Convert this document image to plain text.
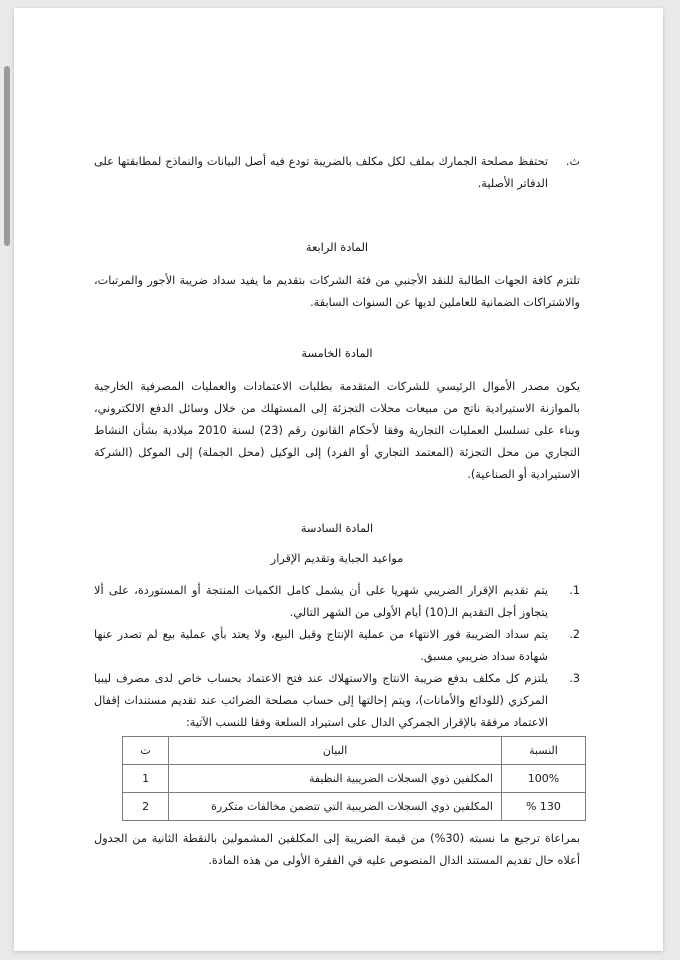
ث.
تحتفظ مصلحة الجمارك بملف لكل مكلف بالضريبة تودع فيه أصل البيانات والنماذج لمطابقتها على الدفاتر الأصلية.
المادة الرابعة
تلتزم كافة الجهات الطالبة للنقد الأجنبي من فئة الشركات بتقديم ما يفيد سداد ضريبة الأجور والمرتبات، والاشتراكات الضمانية للعاملين لديها عن السنوات السابقة.
المادة الخامسة
يكون مصدر الأموال الرئيسي للشركات المتقدمة بطلبات الاعتمادات والعمليات المصرفية الخارجية بالموازنة الاستيرادية ناتج من مبيعات محلات التجزئة إلى المستهلك من خلال وسائل الدفع الالكتروني، وبناء على تسلسل العمليات التجارية وفقا لأحكام القانون رقم (23) لسنة 2010 ميلادية بشأن النشاط التجاري من محل التجزئة (المعتمد التجاري أو الفرد) إلى الوكيل (محل الجملة) إلى الموكل (الشركة الاستيرادية أو الصناعية).
المادة السادسة
مواعيد الجباية وتقديم الإقرار
1.
يتم تقديم الإقرار الضريبي شهريا على أن يشمل كامل الكميات المنتجة أو المستوردة، على ألا يتجاوز أجل التقديم الـ(10) أيام الأولى من الشهر التالي.
2.
يتم سداد الضريبة فور الانتهاء من عملية الإنتاج وقبل البيع، ولا يعتد بأي عملية بيع لم تصدر عنها شهادة سداد ضريبي مسبق.
3.
يلتزم كل مكلف بدفع ضريبة الانتاج والاستهلاك عند فتح الاعتماد بحساب خاص لدى مصرف ليبيا المركزي (للودائع والأمانات)، ويتم إحالتها إلى حساب مصلحة الضرائب عند تقديم مستندات إقفال الاعتماد مرفقة بالإقرار الجمركي الدال على استيراد السلعة وفقا للنسب الآتية:
النسبة	البيان	ت
100%	المكلفين ذوي السجلات الضريبية النظيفة	1
130 %	المكلفين ذوي السجلات الضريبية التي تتضمن مخالفات متكررة	2
بمراعاة ترجيع ما نسبته (30%) من قيمة الضريبة إلى المكلفين المشمولين بالنقطة الثانية من الجدول أعلاه حال تقديم المستند الدال المنصوص عليه في الفقرة الأولى من هذه المادة.
